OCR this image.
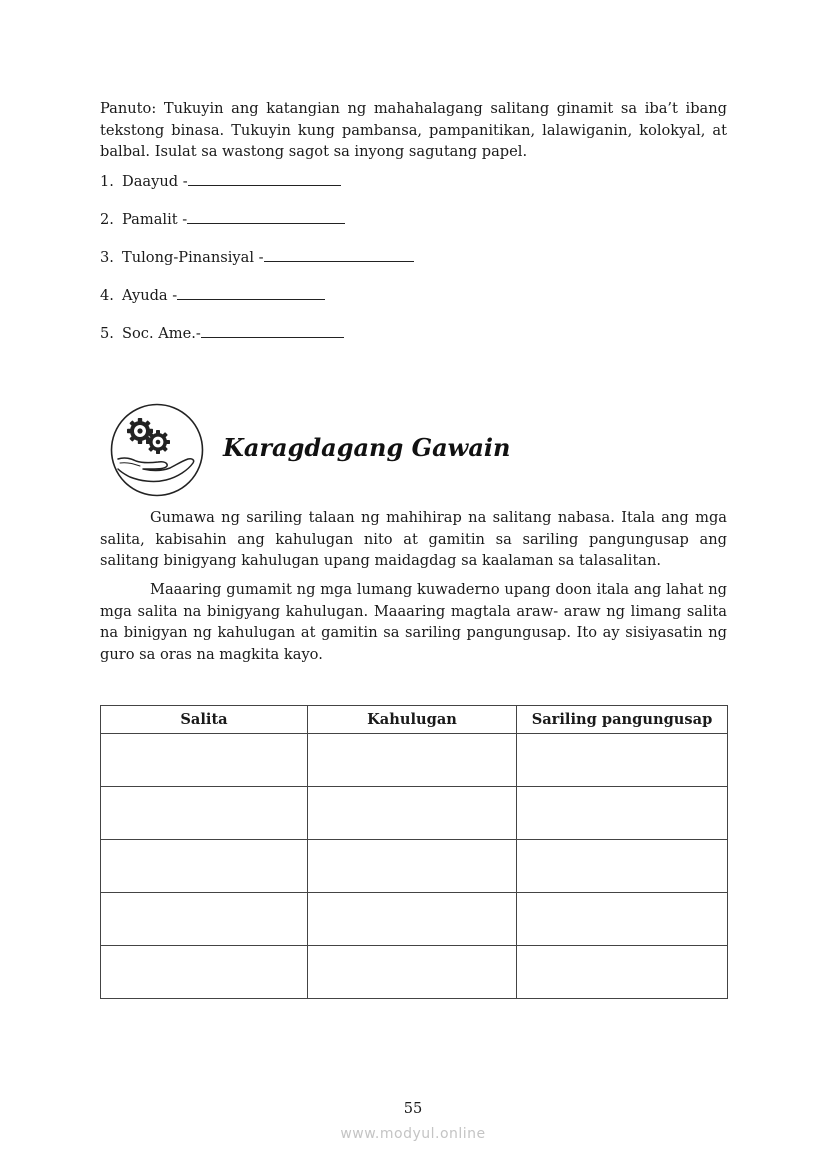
Panuto: Tukuyin ang katangian ng mahahalagang salitang ginamit sa iba’t ibang tekstong binasa. Tukuyin kung pambansa, pampanitikan, lalawiganin, kolokyal, at balbal. Isulat sa wastong sagot sa inyong sagutang papel.

1. Daayud -
2. Pamalit -
3. Tulong-Pinansiyal -
4. Ayuda -
5. Soc. Ame.-
Karagdagang Gawain

Gumawa ng sariling talaan ng mahihirap na salitang nabasa. Itala ang mga salita, kabisahin ang kahulugan nito at gamitin sa sariling pangungusap ang salitang binigyang kahulugan upang maidagdag sa kaalaman sa talasalitan.

Maaaring gumamit ng mga lumang kuwaderno upang doon itala ang lahat ng mga salita na binigyang kahulugan. Maaaring magtala araw- araw ng limang salita na binigyan ng kahulugan at gamitin sa sariling pangungusap. Ito ay sisiyasatin ng guro sa oras na magkita kayo.

Salita	Kahulugan	Sariling pangungusap

55
www.modyul.online
